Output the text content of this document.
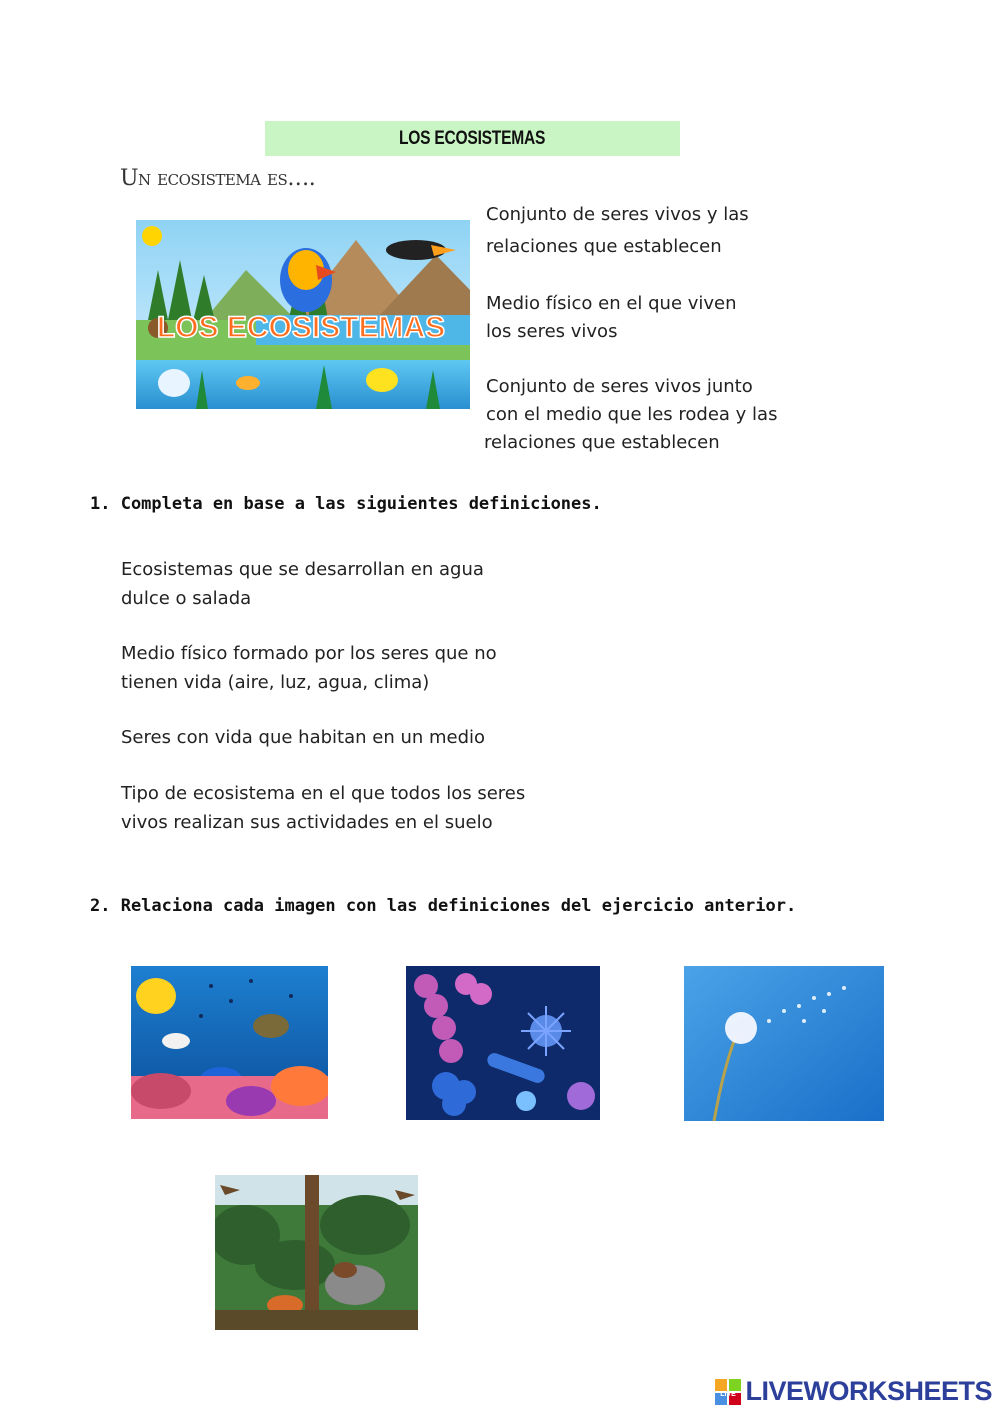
LOS ECOSISTEMAS
Un ecosistema es….
LOS ECOSISTEMAS
Conjunto de seres vivos y las
relaciones que establecen
Medio físico en el que viven
los seres vivos
Conjunto de seres vivos junto
con el medio que les rodea y las
relaciones que establecen
1. Completa en base a las siguientes definiciones.
Ecosistemas que se desarrollan en agua
dulce o salada
Medio físico formado por los seres que no
tienen vida (aire, luz, agua, clima)
Seres con vida que habitan en un medio
Tipo de ecosistema en el que todos los seres
vivos realizan sus actividades en el suelo
2. Relaciona cada imagen con las definiciones del ejercicio anterior.
LIVE LIVEWORKSHEETS
